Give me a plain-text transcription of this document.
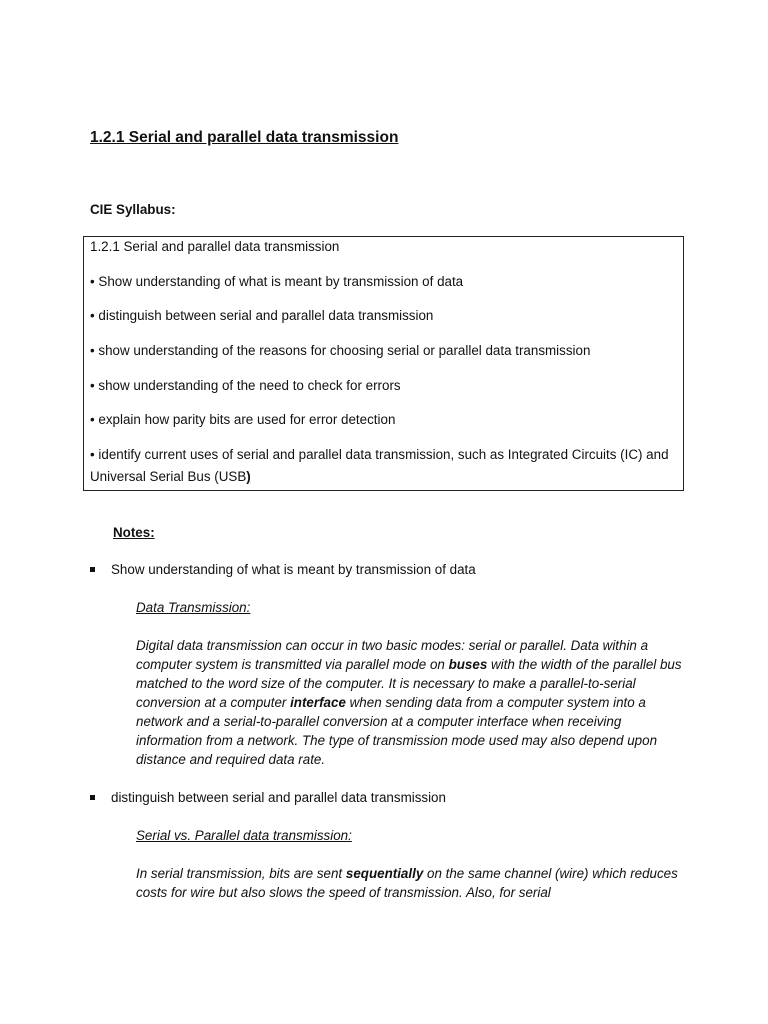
1.2.1 Serial and parallel data transmission
CIE Syllabus:
1.2.1 Serial and parallel data transmission
• Show understanding of what is meant by transmission of data
• distinguish between serial and parallel data transmission
• show understanding of the reasons for choosing serial or parallel data transmission
• show understanding of the need to check for errors
• explain how parity bits are used for error detection
• identify current uses of serial and parallel data transmission, such as Integrated Circuits (IC) and Universal Serial Bus (USB)
Notes:
Show understanding of what is meant by transmission of data
Data Transmission:
Digital data transmission can occur in two basic modes: serial or parallel. Data within a computer system is transmitted via parallel mode on buses with the width of the parallel bus matched to the word size of the computer. It is necessary to make a parallel-to-serial conversion at a computer interface when sending data from a computer system into a network and a serial-to-parallel conversion at a computer interface when receiving information from a network. The type of transmission mode used may also depend upon distance and required data rate.
distinguish between serial and parallel data transmission
Serial vs. Parallel data transmission:
In serial transmission, bits are sent sequentially on the same channel (wire) which reduces costs for wire but also slows the speed of transmission. Also, for serial
